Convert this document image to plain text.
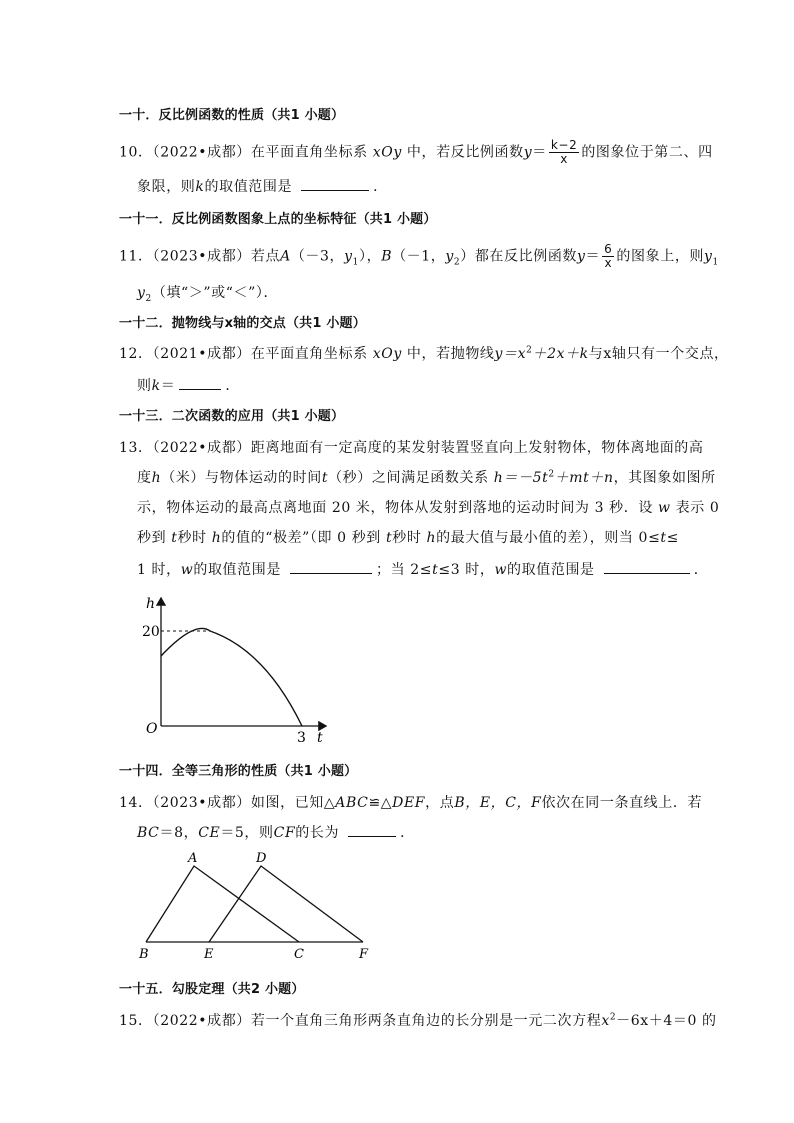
一十．反比例函数的性质（共1 小题）
10．（2022•成都）在平面直角坐标系 xOy 中，若反比例函数$y= \frac{k-2}{x}$ 的图象位于第二、四
象限，则k的取值范围是	．
一十一．反比例函数图象上点的坐标特征（共1 小题）
11．（2023•成都）若点A（－3，$y_1$），B（－1，$y_2$）都在反比例函数$y= \frac{6}{x}$ 的图象上，则$y_1$
$y_2$（填“＞”或“＜”）．
一十二．抛物线与x轴的交点（共1 小题）
12．（2021•成都）在平面直角坐标系 xOy 中，若抛物线$y=x^2+2x+k$与x轴只有一个交点，
则k＝	．
一十三．二次函数的应用（共1 小题）
13．（2022•成都）距离地面有一定高度的某发射装置竖直向上发射物体，物体离地面的高
度h（米）与物体运动的时间t（秒）之间满足函数关系 $h=-5t^2+mt+n$，其图象如图所
示，物体运动的最高点离地面 20 米，物体从发射到落地的运动时间为 3 秒．设 w 表示 0
秒到 t秒时 h的值的“极差”（即 0 秒到 t秒时 h的最大值与最小值的差），则当 0≤t≤
1 时，w的取值范围是	；当 2≤t≤3 时，w的取值范围是	．
h
20
O
3 t
一十四．全等三角形的性质（共1 小题）
14．（2023•成都）如图，已知△ABC≌△DEF，点B，E，C，F依次在同一条直线上．若
BC＝8，CE＝5，则CF的长为	．
A	D
B	E	C	F
一十五．勾股定理（共2 小题）
15．（2022•成都）若一个直角三角形两条直角边的长分别是一元二次方程$x^2-6x+4=0$ 的
